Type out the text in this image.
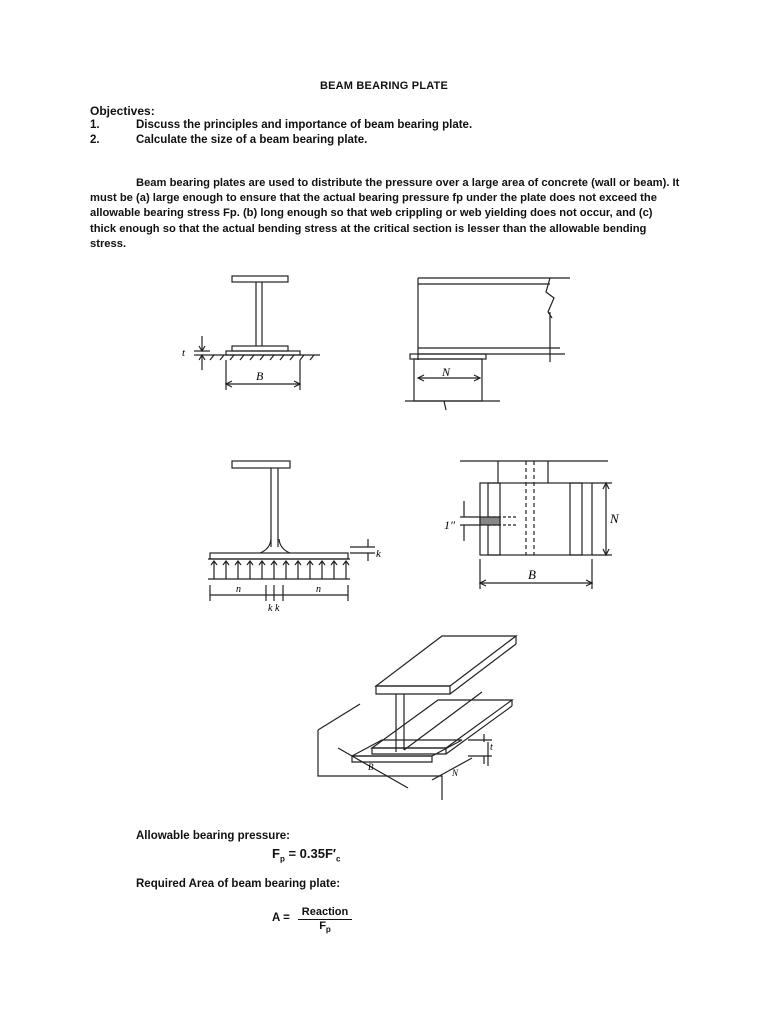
BEAM BEARING PLATE
Objectives:
1.	Discuss the principles and importance of beam bearing plate.
2.	Calculate the size of a beam bearing plate.
Beam bearing plates are used to distribute the pressure over a large area of concrete (wall or beam). It must be (a) large enough to ensure that the actual bearing pressure fp under the plate does not exceed the allowable bearing stress Fp. (b) long enough so that web crippling or web yielding does not occur, and (c) thick enough so that the actual bending stress at the critical section is lesser than the allowable bending stress.
t
B	N
k
n	n
k k
1″	N
B
t
B
N
Allowable bearing pressure:
$F_p = 0.35F'_c$
Required Area of beam bearing plate:
A =	Reaction
$F_p$
